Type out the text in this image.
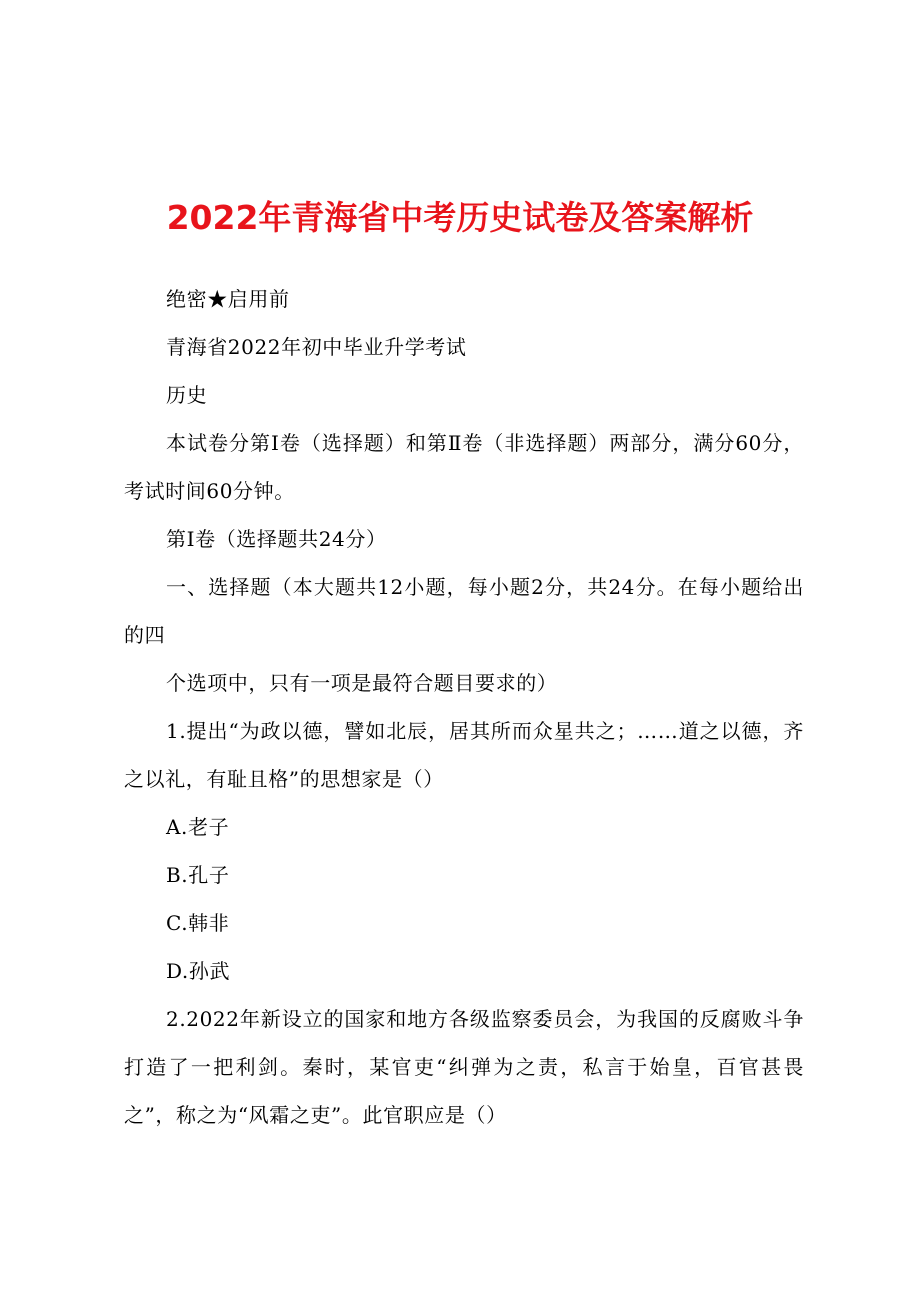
2022年青海省中考历史试卷及答案解析

绝密★启用前

青海省2022年初中毕业升学考试

历史

本试卷分第Ⅰ卷（选择题）和第Ⅱ卷（非选择题）两部分，满分60分，考试时间60分钟。

第Ⅰ卷（选择题共24分）

一、选择题（本大题共12小题，每小题2分，共24分。在每小题给出的四

个选项中，只有一项是最符合题目要求的）

1.提出“为政以德，譬如北辰，居其所而众星共之；……道之以德，齐之以礼，有耻且格”的思想家是（）

A.老子

B.孔子

C.韩非

D.孙武

2.2022年新设立的国家和地方各级监察委员会，为我国的反腐败斗争打造了一把利剑。秦时，某官吏“纠弹为之责，私言于始皇，百官甚畏之”，称之为“风霜之吏”。此官职应是（）
